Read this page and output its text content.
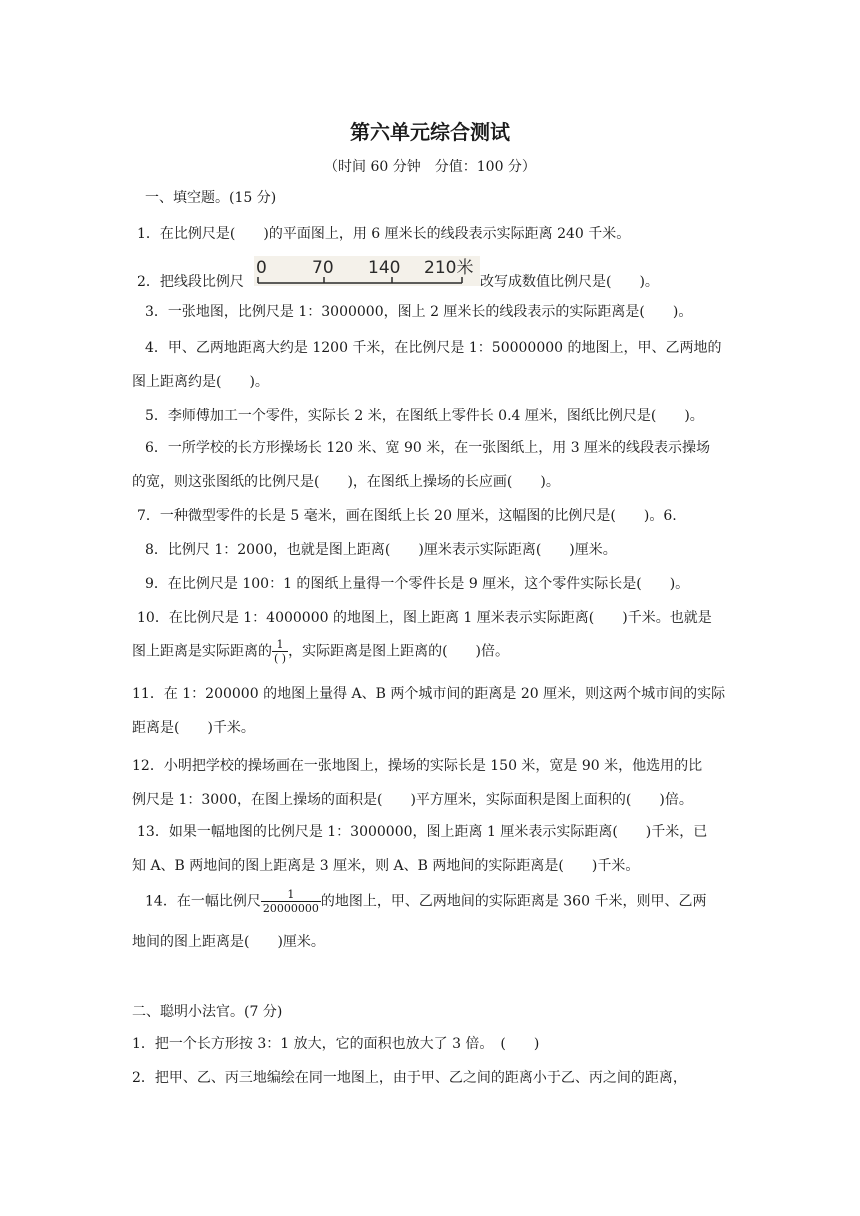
第六单元综合测试
（时间 60 分钟　分值：100 分）
一、填空题。(15 分)
1．在比例尺是(　　)的平面图上，用 6 厘米长的线段表示实际距离 240 千米。
2．把线段比例尺
0	70 140 210米
改写成数值比例尺是(　　)。
3．一张地图，比例尺是 1：3000000，图上 2 厘米长的线段表示的实际距离是(　　)。
4．甲、乙两地距离大约是 1200 千米，在比例尺是 1：50000000 的地图上，甲、乙两地的
图上距离约是(　　)。
5．李师傅加工一个零件，实际长 2 米，在图纸上零件长 0.4 厘米，图纸比例尺是(　　)。
6．一所学校的长方形操场长 120 米、宽 90 米，在一张图纸上，用 3 厘米的线段表示操场
的宽，则这张图纸的比例尺是(　　)，在图纸上操场的长应画(　　)。
7．一种微型零件的长是 5 毫米，画在图纸上长 20 厘米，这幅图的比例尺是(　　)。6.
8．比例尺 1：2000，也就是图上距离(　　)厘米表示实际距离(　　)厘米。
9．在比例尺是 100：1 的图纸上量得一个零件长是 9 厘米，这个零件实际长是(　　)。
10．在比例尺是 1：4000000 的地图上，图上距离 1 厘米表示实际距离(　　)千米。也就是
图上距离是实际距离的 $\frac{1}{( )}$ ，实际距离是图上距离的(　　)倍。
11．在 1：200000 的地图上量得 A、B 两个城市间的距离是 20 厘米，则这两个城市间的实际
距离是(　　)千米。
12．小明把学校的操场画在一张地图上，操场的实际长是 150 米，宽是 90 米，他选用的比
例尺是 1：3000，在图上操场的面积是(　　)平方厘米，实际面积是图上面积的(　　)倍。
13．如果一幅地图的比例尺是 1：3000000，图上距离 1 厘米表示实际距离(　　)千米，已
知 A、B 两地间的图上距离是 3 厘米，则 A、B 两地间的实际距离是(　　)千米。
14．在一幅比例尺 $\frac{1}{20000000}$ 的地图上，甲、乙两地间的实际距离是 360 千米，则甲、乙两
地间的图上距离是(　　)厘米。
二、聪明小法官。(7 分)
1．把一个长方形按 3：1 放大，它的面积也放大了 3 倍。　(　　)
2．把甲、乙、丙三地编绘在同一地图上，由于甲、乙之间的距离小于乙、丙之间的距离，
